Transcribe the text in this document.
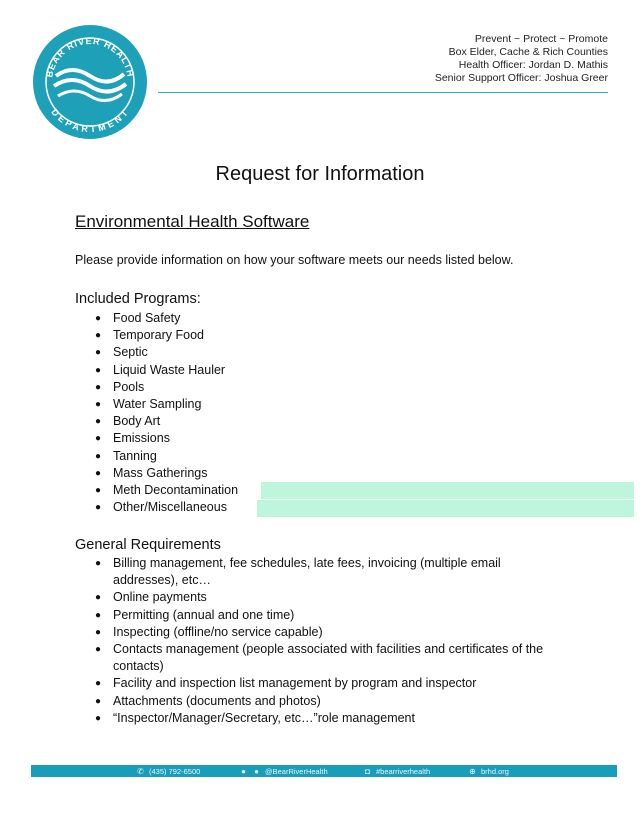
BEAR RIVER HEALTH
DEPARTMENT
Prevent ~ Protect ~ Promote
Box Elder, Cache & Rich Counties
Health Officer: Jordan D. Mathis
Senior Support Officer: Joshua Greer
Request for Information
Environmental Health Software
Please provide information on how your software meets our needs listed below.
Included Programs:
● Food Safety
● Temporary Food
● Septic
● Liquid Waste Hauler
● Pools
● Water Sampling
● Body Art
● Emissions
● Tanning
● Mass Gatherings
● Meth Decontamination
● Other/Miscellaneous
General Requirements
● Billing management, fee schedules, late fees, invoicing (multiple email addresses), etc…
● Online payments
● Permitting (annual and one time)
● Inspecting (offline/no service capable)
● Contacts management (people associated with facilities and certificates of the contacts)
● Facility and inspection list management by program and inspector
● Attachments (documents and photos)
● “Inspector/Manager/Secretary, etc…”role management
✆ (435) 792-6500	● ● @BearRiverHealth	◘ #bearriverhealth	⊕ brhd.org
